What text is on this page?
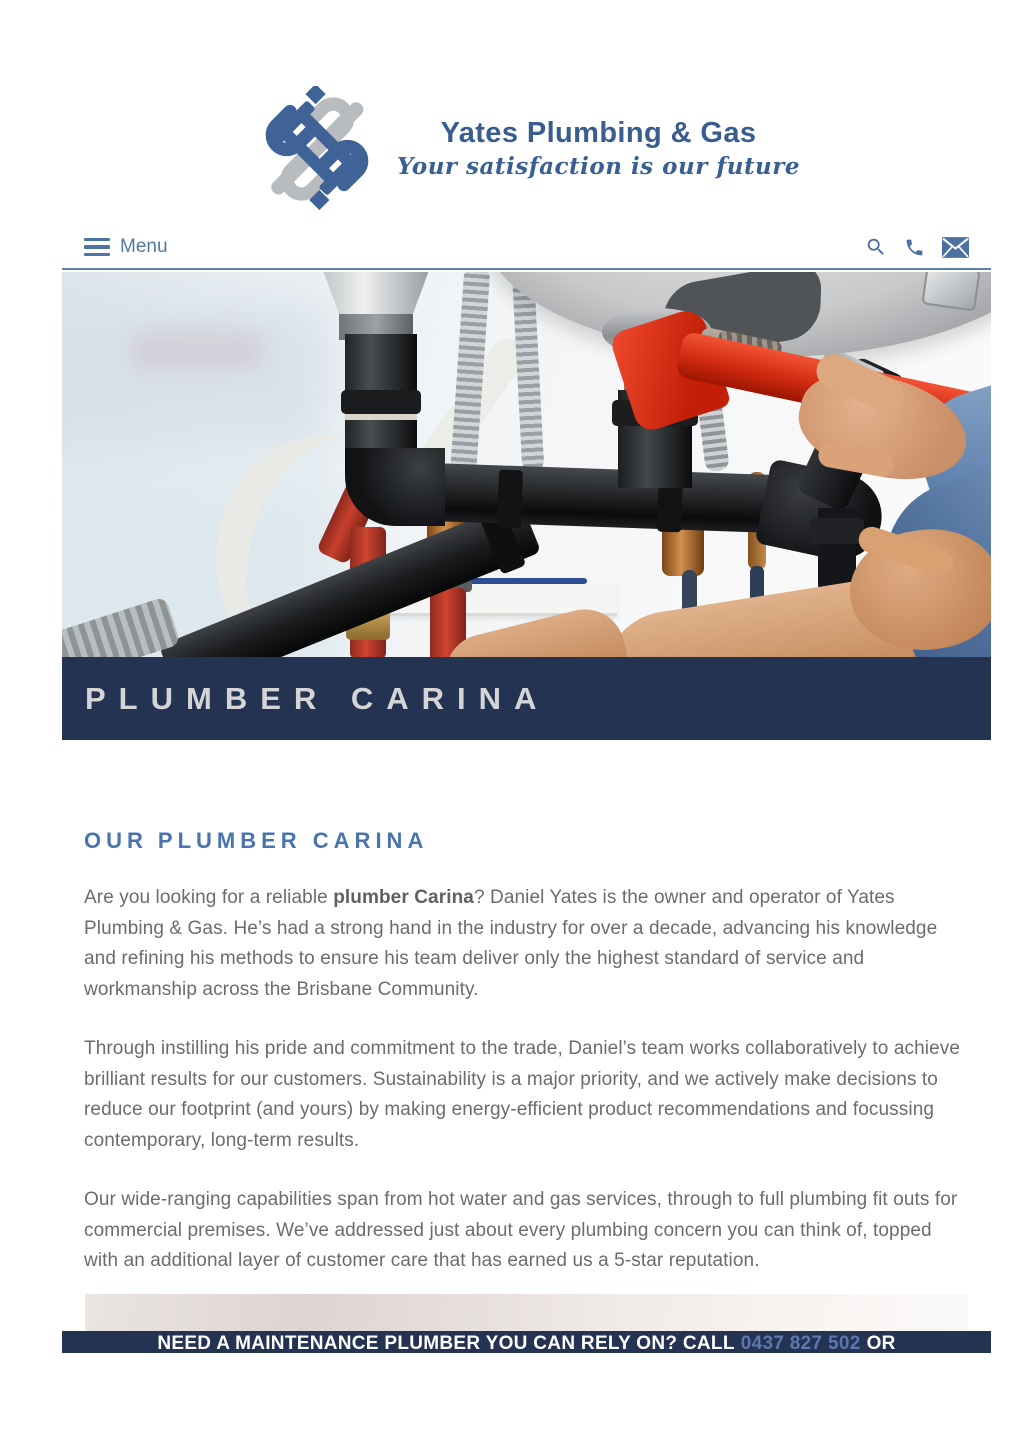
Yates Plumbing & Gas
Your satisfaction is our future
Menu
PLUMBER CARINA
OUR PLUMBER CARINA

Are you looking for a reliable plumber Carina? Daniel Yates is the owner and operator of Yates Plumbing & Gas. He’s had a strong hand in the industry for over a decade, advancing his knowledge and refining his methods to ensure his team deliver only the highest standard of service and workmanship across the Brisbane Community.

Through instilling his pride and commitment to the trade, Daniel’s team works collaboratively to achieve brilliant results for our customers. Sustainability is a major priority, and we actively make decisions to reduce our footprint (and yours) by making energy-efficient product recommendations and focussing contemporary, long-term results.

Our wide-ranging capabilities span from hot water and gas services, through to full plumbing fit outs for commercial premises. We’ve addressed just about every plumbing concern you can think of, topped with an additional layer of customer care that has earned us a 5-star reputation.

NEED A MAINTENANCE PLUMBER YOU CAN RELY ON? CALL 0437 827 502 OR
